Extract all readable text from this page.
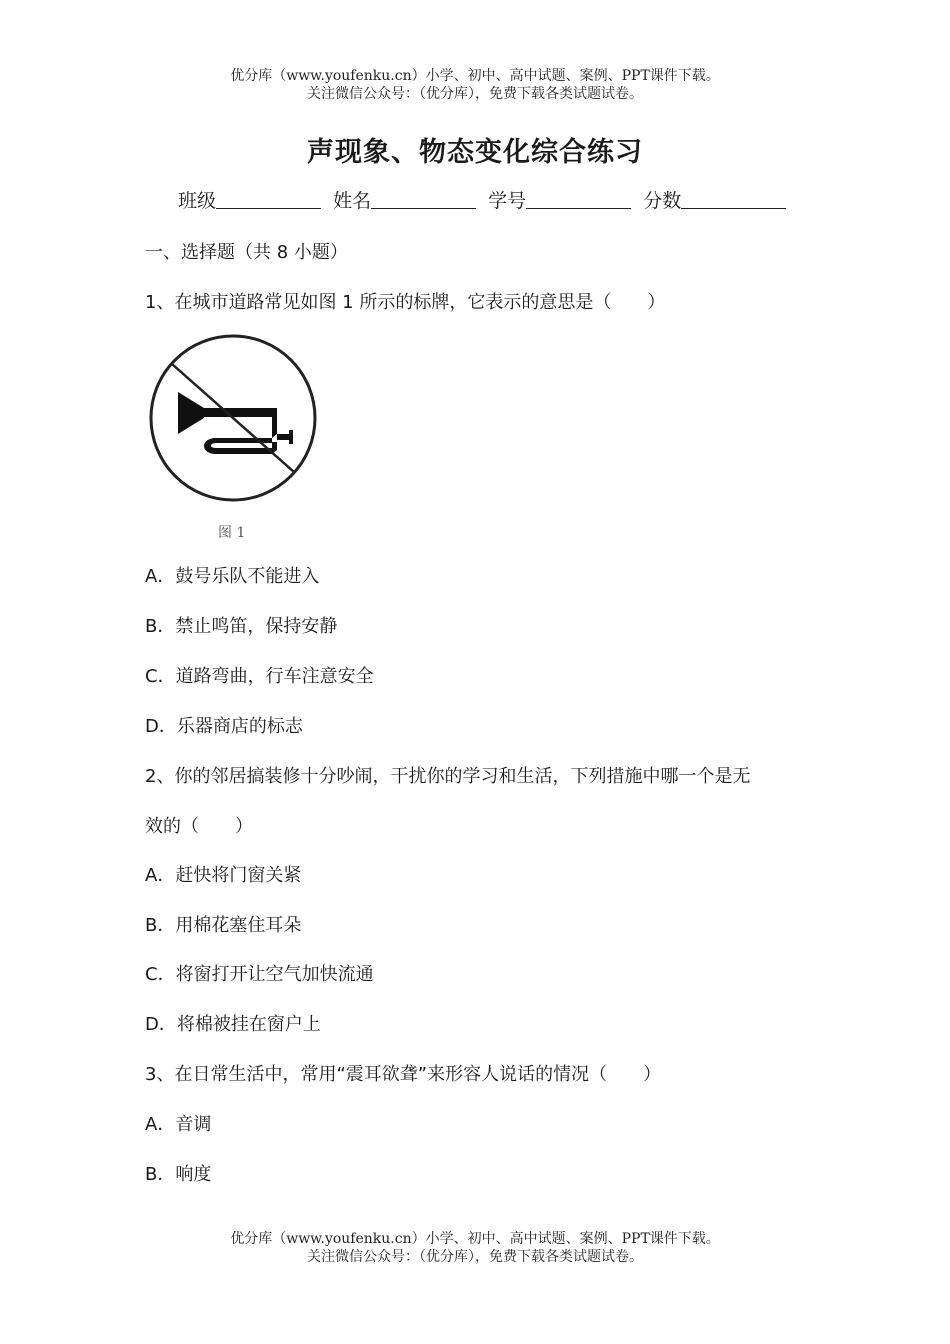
优分库（www.youfenku.cn）小学、初中、高中试题、案例、PPT课件下载。
关注微信公众号：（优分库），免费下载各类试题试卷。
声现象、物态变化综合练习
班级	姓名	学号	分数
一、选择题（共 8 小题）
1、在城市道路常见如图 1 所示的标牌，它表示的意思是（　　）
图 1
A．鼓号乐队不能进入
B．禁止鸣笛，保持安静
C．道路弯曲，行车注意安全
D．乐器商店的标志
2、你的邻居搞装修十分吵闹，干扰你的学习和生活，下列措施中哪一个是无
效的（　　）
A．赶快将门窗关紧
B．用棉花塞住耳朵
C．将窗打开让空气加快流通
D．将棉被挂在窗户上
3、在日常生活中，常用“震耳欲聋”来形容人说话的情况（　　）
A．音调
B．响度
优分库（www.youfenku.cn）小学、初中、高中试题、案例、PPT课件下载。
关注微信公众号：（优分库），免费下载各类试题试卷。
